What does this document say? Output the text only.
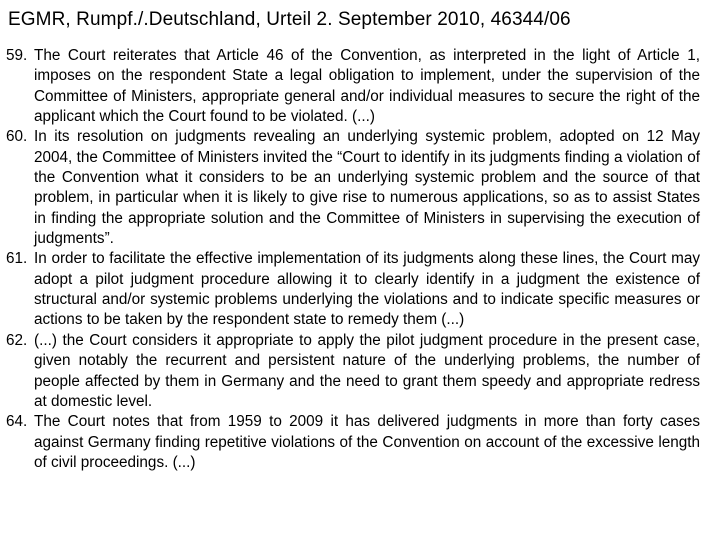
EGMR, Rumpf./.Deutschland, Urteil 2. September 2010, 46344/06

59. The Court reiterates that Article 46 of the Convention, as interpreted in the light of Article 1, imposes on the respondent State a legal obligation to implement, under the supervision of the Committee of Ministers, appropriate general and/or individual measures to secure the right of the applicant which the Court found to be violated. (...)

60. In its resolution on judgments revealing an underlying systemic problem, adopted on 12 May 2004, the Committee of Ministers invited the “Court to identify in its judgments finding a violation of the Convention what it considers to be an underlying systemic problem and the source of that problem, in particular when it is likely to give rise to numerous applications, so as to assist States in finding the appropriate solution and the Committee of Ministers in supervising the execution of judgments”.

61. In order to facilitate the effective implementation of its judgments along these lines, the Court may adopt a pilot judgment procedure allowing it to clearly identify in a judgment the existence of structural and/or systemic problems underlying the violations and to indicate specific measures or actions to be taken by the respondent state to remedy them (...)

62. (...) the Court considers it appropriate to apply the pilot judgment procedure in the present case, given notably the recurrent and persistent nature of the underlying problems, the number of people affected by them in Germany and the need to grant them speedy and appropriate redress at domestic level.

64. The Court notes that from 1959 to 2009 it has delivered judgments in more than forty cases against Germany finding repetitive violations of the Convention on account of the excessive length of civil proceedings. (...)
